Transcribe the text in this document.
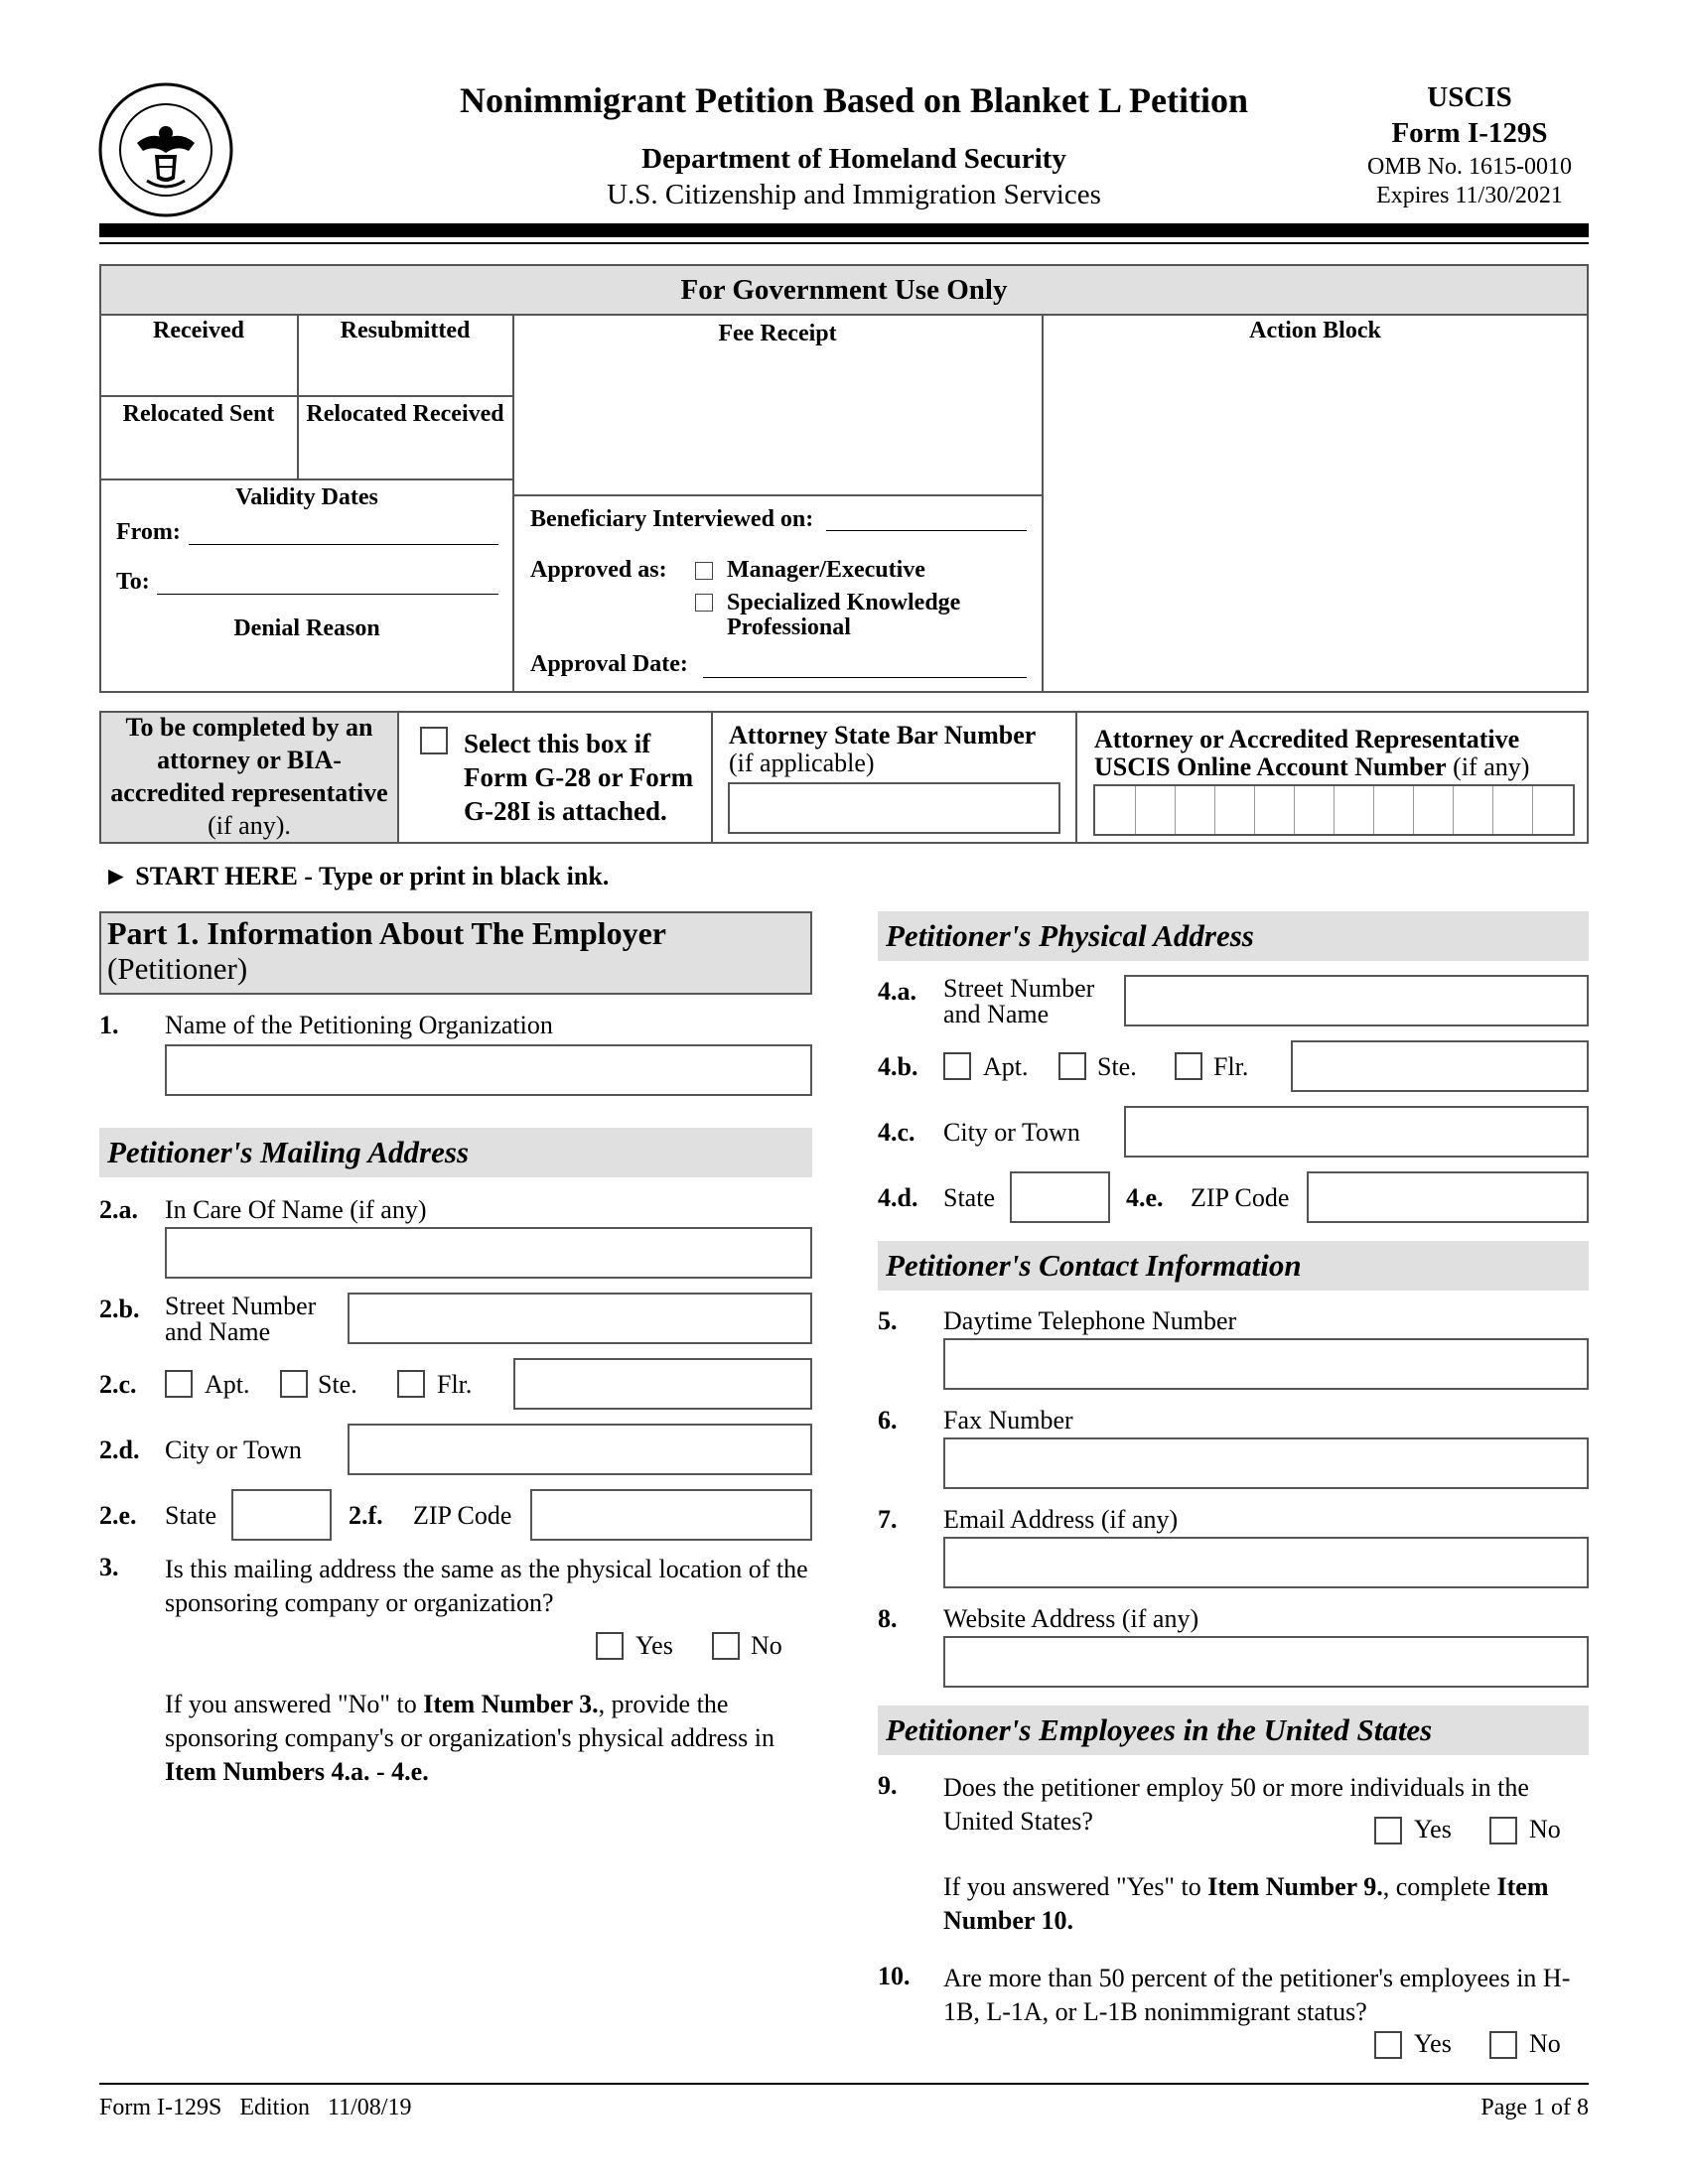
Nonimmigrant Petition Based on Blanket L Petition
Department of Homeland Security
U.S. Citizenship and Immigration Services
USCIS
Form I-129S
OMB No. 1615-0010
Expires 11/30/2021
For Government Use Only
Received	Resubmitted
Relocated Sent	Relocated Received
Fee Receipt	Action Block
Validity Dates
From:
To:
Denial Reason
Beneficiary Interviewed on:
Approved as:	Manager/Executive
Specialized Knowledge
Professional
Approval Date:
To be completed by an attorney or BIA-accredited representative (if any).
Select this box if Form G-28 or Form G-28I is attached.
Attorney State Bar Number
(if applicable)
Attorney or Accredited Representative
USCIS Online Account Number (if any)
► START HERE - Type or print in black ink.
Part 1. Information About The Employer
(Petitioner)
1. Name of the Petitioning Organization
Petitioner's Mailing Address
2.a. In Care Of Name (if any)
2.b. Street Number
and Name
2.c.	Apt.	Ste.	Flr.
2.d. City or Town
2.e. State	2.f. ZIP Code
3. Is this mailing address the same as the physical location of the sponsoring company or organization?
Yes	No
If you answered "No" to Item Number 3., provide the sponsoring company's or organization's physical address in Item Numbers 4.a. - 4.e.
Petitioner's Physical Address
4.a. Street Number
and Name
4.b.	Apt.	Ste.	Flr.
4.c. City or Town
4.d. State	4.e. ZIP Code
Petitioner's Contact Information
5. Daytime Telephone Number
6. Fax Number
7. Email Address (if any)
8. Website Address (if any)
Petitioner's Employees in the United States
9. Does the petitioner employ 50 or more individuals in the United States?	Yes	No
If you answered "Yes" to Item Number 9., complete Item Number 10.
10. Are more than 50 percent of the petitioner's employees in H-1B, L-1A, or L-1B nonimmigrant status?
Yes	No
Form I-129S   Edition   11/08/19	Page 1 of 8
